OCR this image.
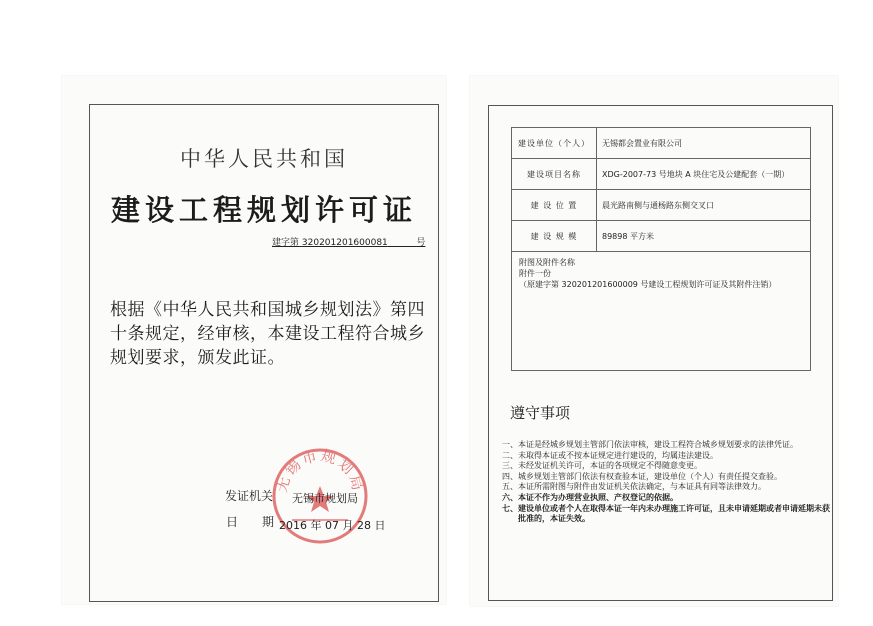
中华人民共和国
建设工程规划许可证
建字第 320201201600081	号
根据《中华人民共和国城乡规划法》第四十条规定，经审核，本建设工程符合城乡规划要求，颁发此证。
无锡市规划局
发证机关 无锡市规划局
日　　期 2016 年 07 月 28 日
建设单位（个人）	无锡都会置业有限公司
建设项目名称	XDG-2007-73 号地块 A 块住宅及公建配套（一期）
建 设 位 置	晨光路南侧与通杨路东侧交叉口
建 设 规 模	89898 平方米
附图及附件名称
附件一份
（原建字第 320201201600009 号建设工程规划许可证及其附件注销）
遵守事项
一、 本证是经城乡规划主管部门依法审核，建设工程符合城乡规划要求的法律凭证。
二、 未取得本证或不按本证规定进行建设的，均属违法建设。
三、 未经发证机关许可，本证的各项规定不得随意变更。
四、 城乡规划主管部门依法有权查验本证，建设单位（个人）有责任提交查验。
五、 本证所需附图与附件由发证机关依法确定，与本证具有同等法律效力。
六、 本证不作为办理营业执照、产权登记的依据。
七、 建设单位或者个人在取得本证一年内未办理施工许可证，且未申请延期或者申请延期未获批准的，本证失效。
